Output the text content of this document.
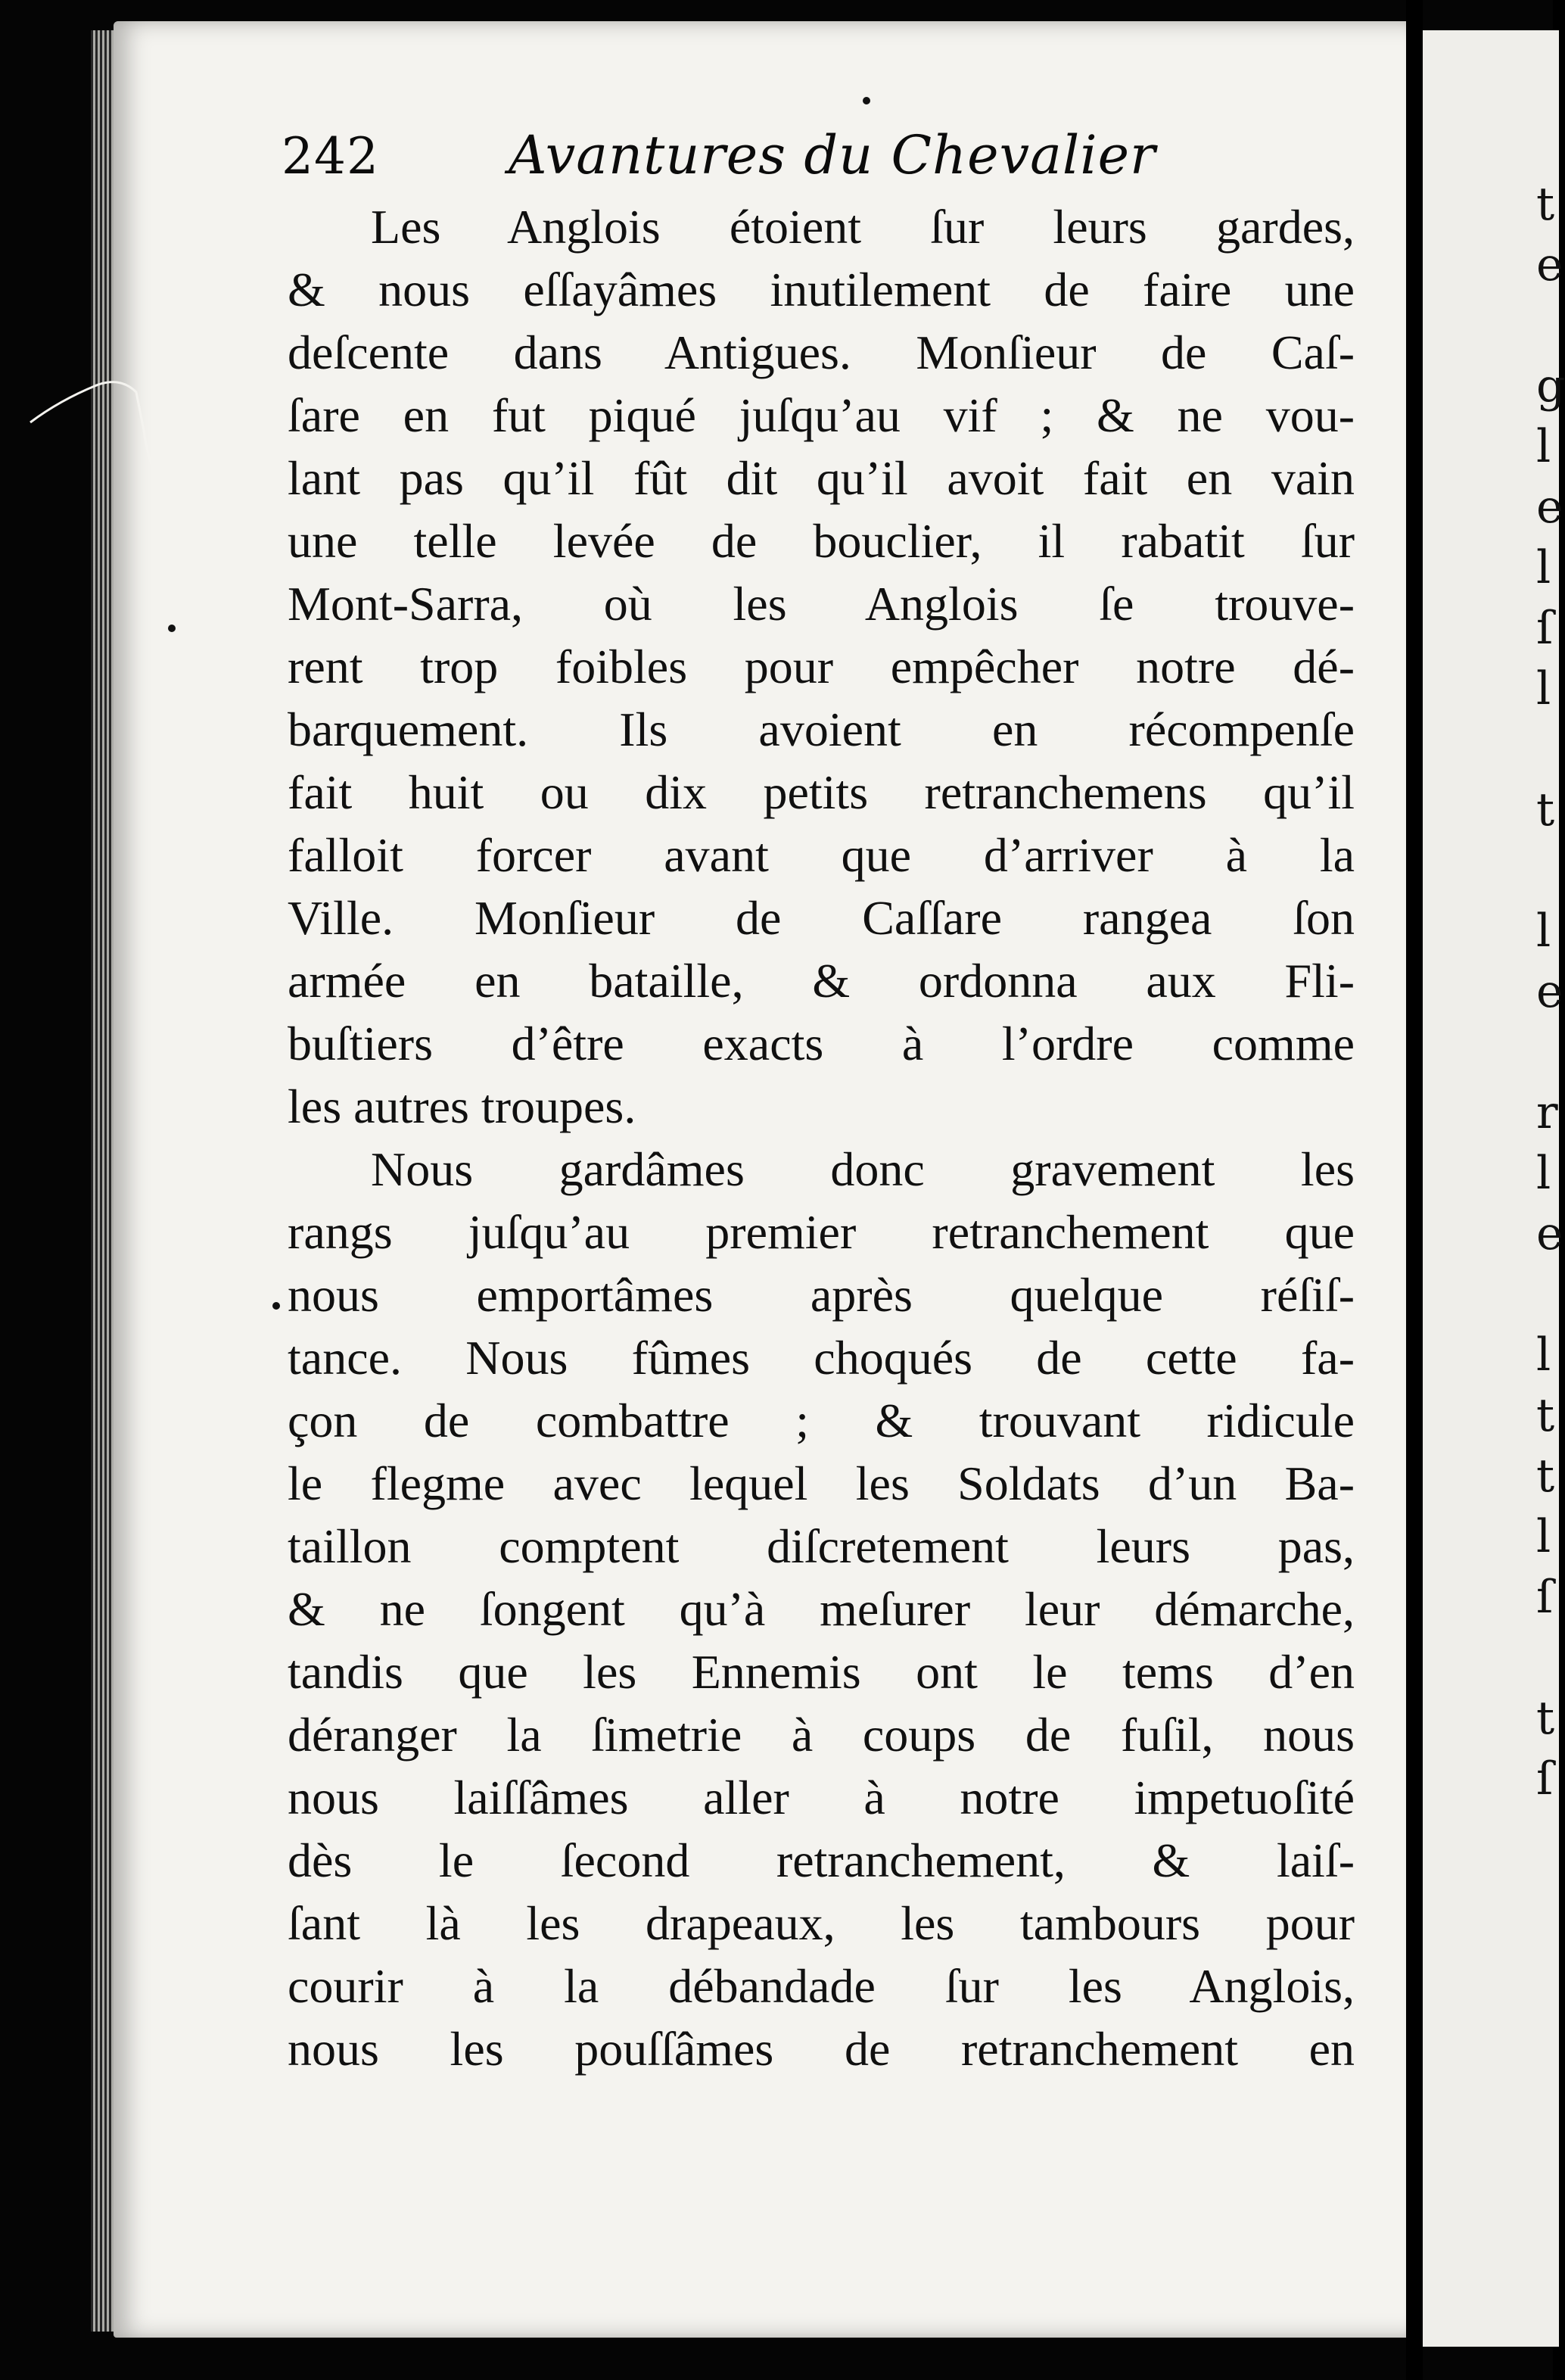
t
e
g
l
e
l
ſ
l
t
l
e
r
l
e
l
t
t
l
ſ
t
ſ
242 Avantures du Chevalier
Les Anglois étoient ſur leurs gardes,
& nous eſſayâmes inutilement de faire une
deſcente dans Antigues. Monſieur de Caſ-
ſare en fut piqué juſqu’au vif ; & ne vou-
lant pas qu’il fût dit qu’il avoit fait en vain
une telle levée de bouclier, il rabatit ſur
Mont-Sarra, où les Anglois ſe trouve-
rent trop foibles pour empêcher notre dé-
barquement. Ils avoient en récompenſe
fait huit ou dix petits retranchemens qu’il
falloit forcer avant que d’arriver à la
Ville. Monſieur de Caſſare rangea ſon
armée en bataille, & ordonna aux Fli-
buſtiers d’être exacts à l’ordre comme
les autres troupes.
Nous gardâmes donc gravement les
rangs juſqu’au premier retranchement que
nous emportâmes après quelque réſiſ-
tance. Nous fûmes choqués de cette fa-
çon de combattre ; & trouvant ridicule
le flegme avec lequel les Soldats d’un Ba-
taillon comptent diſcretement leurs pas,
& ne ſongent qu’à meſurer leur démarche,
tandis que les Ennemis ont le tems d’en
déranger la ſimetrie à coups de fuſil, nous
nous laiſſâmes aller à notre impetuoſité
dès le ſecond retranchement, & laiſ-
ſant là les drapeaux, les tambours pour
courir à la débandade ſur les Anglois,
nous les pouſſâmes de retranchement en
